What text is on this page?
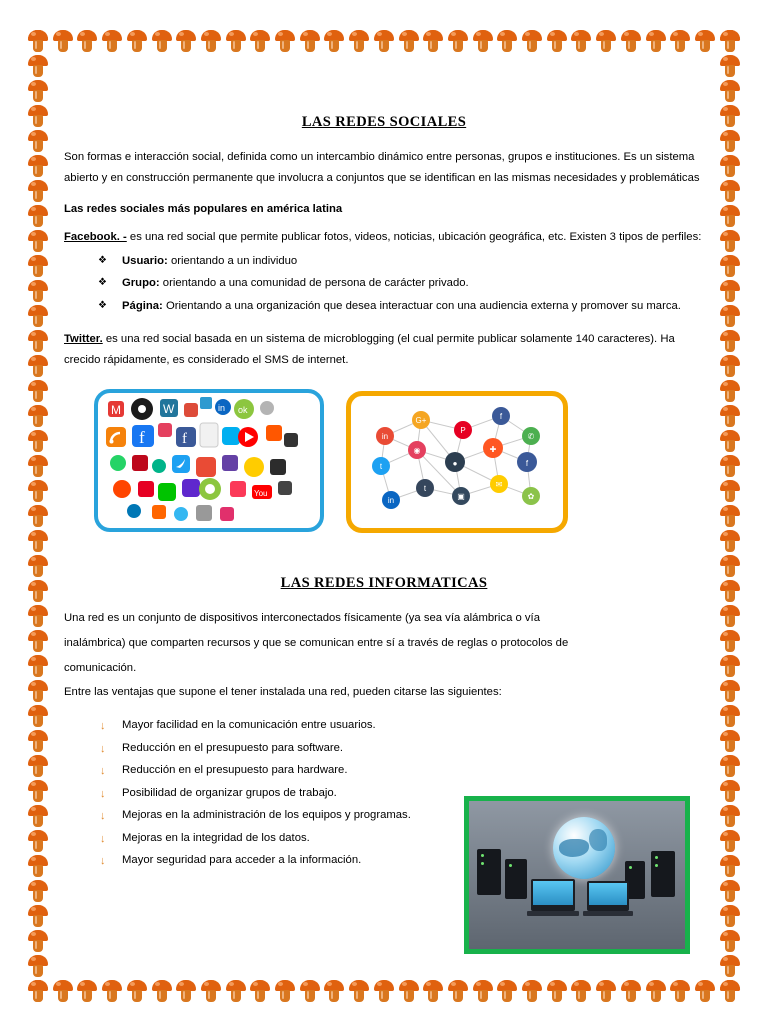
LAS REDES SOCIALES

Son formas e interacción social, definida como un intercambio dinámico entre personas, grupos e instituciones. Es un sistema abierto y en construcción permanente que involucra a conjuntos que se identifican en las mismas necesidades y problemáticas

Las redes sociales más populares en américa latina

Facebook. - es una red social que permite publicar fotos, videos, noticias, ubicación geográfica, etc. Existen 3 tipos de perfiles:

❖ Usuario: orientando a un individuo
❖ Grupo: orientando a una comunidad de persona de carácter privado.
❖ Página: Orientando a una organización que desea interactuar con una audiencia externa y promover su marca.

Twitter. es una red social basada en un sistema de microblogging (el cual permite publicar solamente 140 caracteres). Ha crecido rápidamente, es considerado el SMS de internet.

M	W	in ok
f f
You
in
G+
P
f
✆
t
◉
●
✚
f
in
t
▣
✉
✿
LAS REDES INFORMATICAS

Una red es un conjunto de dispositivos interconectados físicamente (ya sea vía alámbrica o vía

inalámbrica) que comparten recursos y que se comunican entre sí a través de reglas o protocolos de

comunicación.

Entre las ventajas que supone el tener instalada una red, pueden citarse las siguientes:

↓ Mayor facilidad en la comunicación entre usuarios.
↓ Reducción en el presupuesto para software.
↓ Reducción en el presupuesto para hardware.
↓ Posibilidad de organizar grupos de trabajo.
↓ Mejoras en la administración de los equipos y programas.
↓ Mejoras en la integridad de los datos.
↓ Mayor seguridad para acceder a la información.
